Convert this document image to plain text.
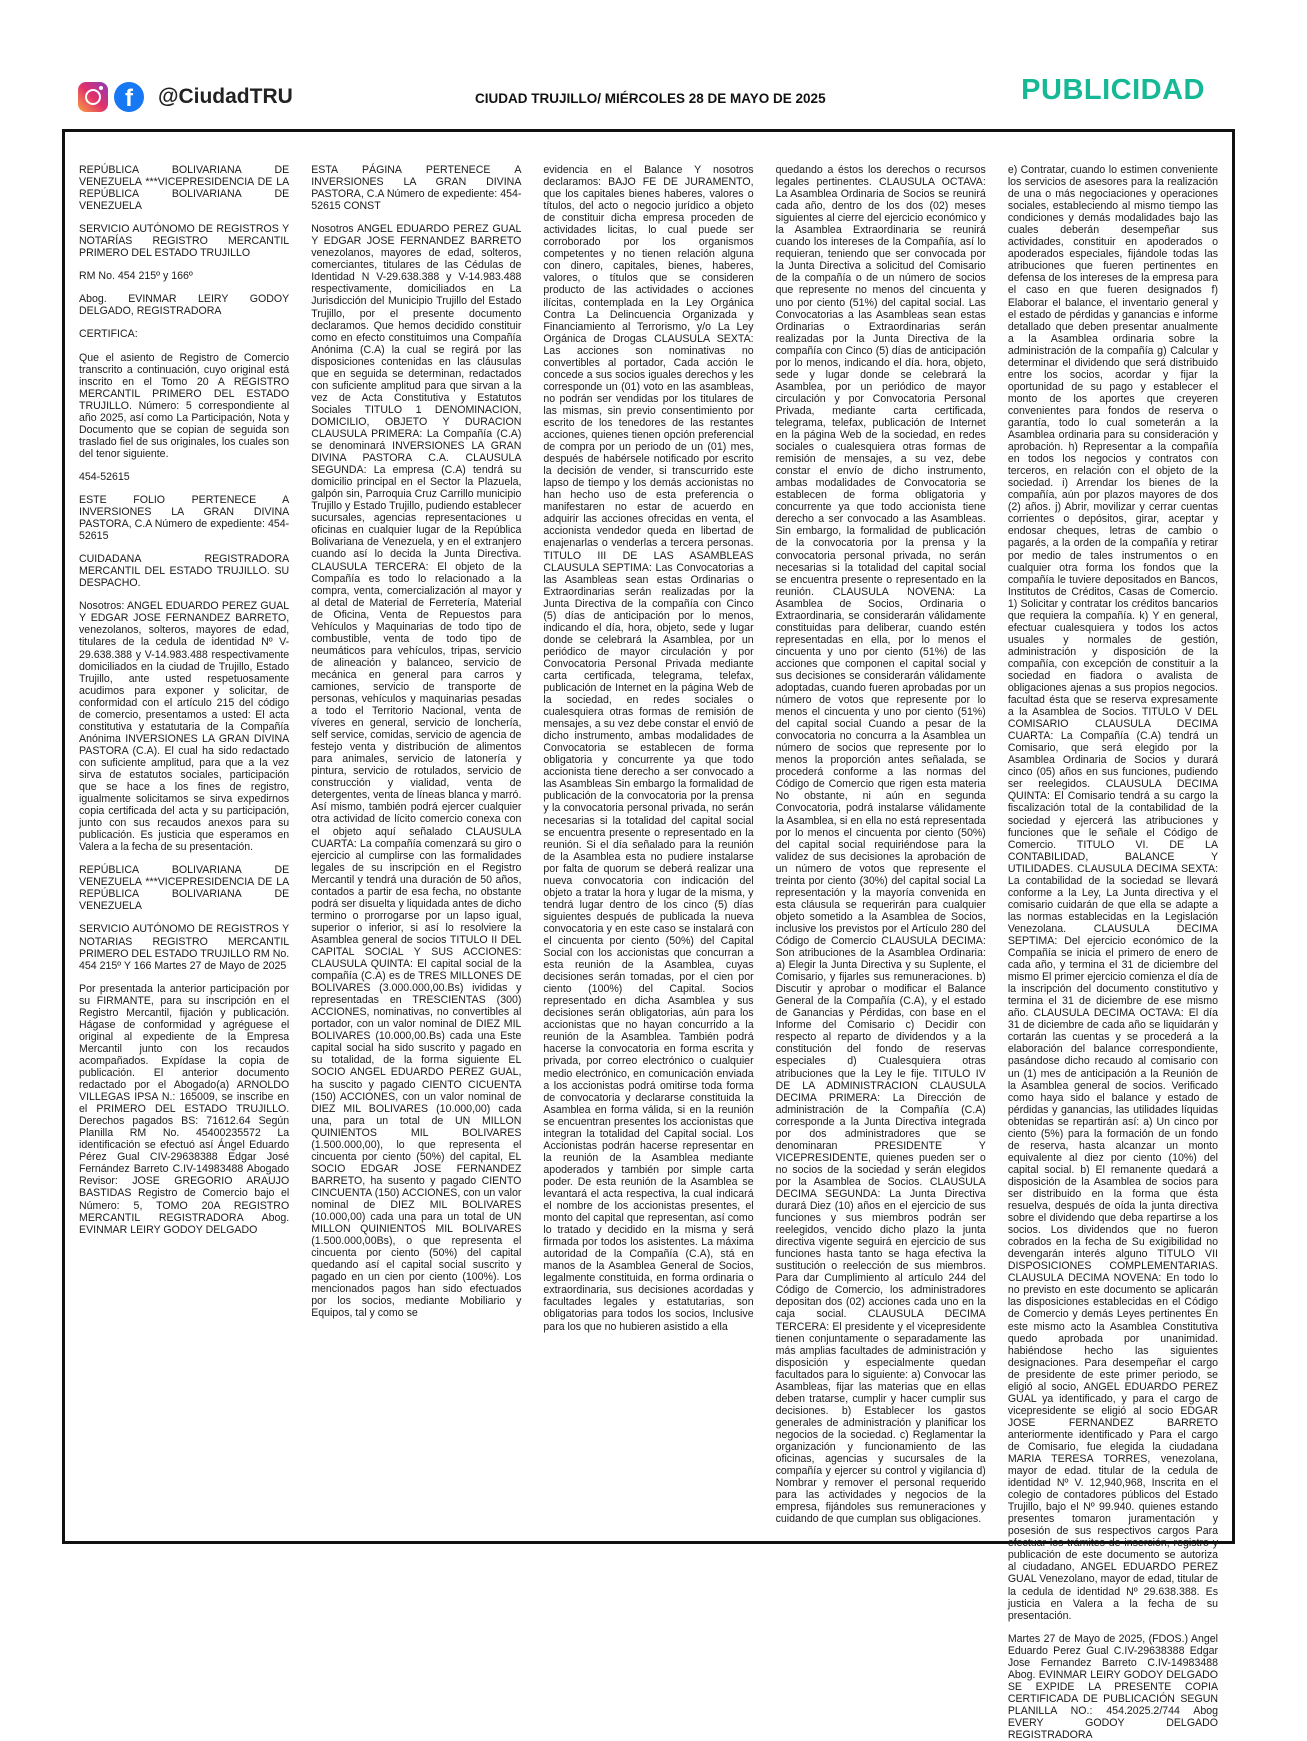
f	@CiudadTRU	CIUDAD TRUJILLO/ MIÉRCOLES 28 DE MAYO DE 2025	PUBLICIDAD

REPÚBLICA BOLIVARIANA DE VENEZUELA ***VICEPRESIDENCIA DE LA REPÚBLICA BOLIVARIANA DE VENEZUELA

SERVICIO AUTÓNOMO DE REGISTROS Y NOTARÍAS REGISTRO MERCANTIL PRIMERO DEL ESTADO TRUJILLO

RM No. 454 215º y 166º

Abog. EVINMAR LEIRY GODOY DELGADO, REGISTRADORA

CERTIFICA:

Que el asiento de Registro de Comercio transcrito a continuación, cuyo original está inscrito en el Tomo 20 A REGISTRO MERCANTIL PRIMERO DEL ESTADO TRUJILLO. Número: 5 correspondiente al año 2025, así como La Participación, Nota y Documento que se copian de seguida son traslado fiel de sus originales, los cuales son del tenor siguiente.

454-52615

ESTE FOLIO PERTENECE A INVERSIONES LA GRAN DIVINA PASTORA, C.A Número de expediente: 454-52615

CUIDADANA REGISTRADORA MERCANTIL DEL ESTADO TRUJILLO. SU DESPACHO.

Nosotros: ANGEL EDUARDO PEREZ GUAL Y EDGAR JOSE FERNANDEZ BARRETO, venezolanos, solteros, mayores de edad, titulares de la cedula de identidad Nº V-29.638.388 y V-14.983.488 respectivamente domiciliados en la ciudad de Trujillo, Estado Trujillo, ante usted respetuosamente acudimos para exponer y solicitar, de conformidad con el artículo 215 del código de comercio, presentamos a usted: El acta constitutiva y estatutaria de la Compañía Anónima INVERSIONES LA GRAN DIVINA PASTORA (C.A). El cual ha sido redactado con suficiente amplitud, para que a la vez sirva de estatutos sociales, participación que se hace a los fines de registro, igualmente solicitamos se sirva expedirnos copia certificada del acta y su participación, junto con sus recaudos anexos para su publicación. Es justicia que esperamos en Valera a la fecha de su presentación.

REPÚBLICA BOLIVARIANA DE VENEZUELA ***VICEPRESIDENCIA DE LA REPÚBLICA BOLIVARIANA DE VENEZUELA

SERVICIO AUTÓNOMO DE REGISTROS Y NOTARIAS REGISTRO MERCANTIL PRIMERO DEL ESTADO TRUJILLO RM No. 454 215º Y 166 Martes 27 de Mayo de 2025

Por presentada la anterior participación por su FIRMANTE, para su inscripción en el Registro Mercantil, fijación y publicación. Hágase de conformidad y agréguese el original al expediente de la Empresa Mercantil junto con los recaudos acompañados. Expídase la copia de publicación. El anterior documento redactado por el Abogado(a) ARNOLDO VILLEGAS IPSA N.: 165009, se inscribe en el PRIMERO DEL ESTADO TRUJILLO. Derechos pagados BS: 71612.64 Según Planilla RM No. 45400235572 La identificación se efectuó así Ángel Eduardo Pérez Gual CIV-29638388 Edgar José Fernández Barreto C.IV-14983488 Abogado Revisor: JOSE GREGORIO ARAUJO BASTIDAS Registro de Comercio bajo el Número: 5, TOMO 20A REGISTRO MERCANTIL REGISTRADORA Abog. EVINMAR LEIRY GODOY DELGADO

ESTA PÁGINA PERTENECE A INVERSIONES LA GRAN DIVINA PASTORA, C.A Número de expediente: 454-52615 CONST

Nosotros ANGEL EDUARDO PEREZ GUAL Y EDGAR JOSE FERNANDEZ BARRETO venezolanos, mayores de edad, solteros, comerciantes, titulares de las Cédulas de Identidad N V-29.638.388 y V-14.983.488 respectivamente, domiciliados en La Jurisdicción del Municipio Trujillo del Estado Trujillo, por el presente documento declaramos. Que hemos decidido constituir como en efecto constituimos una Compañía Anónima (C.A) la cual se regirá por las disposiciones contenidas en las cláusulas que en seguida se determinan, redactados con suficiente amplitud para que sirvan a la vez de Acta Constitutiva y Estatutos Sociales TITULO 1 DENOMINACION, DOMICILIO, OBJETO Y DURACION CLAUSULA PRIMERA: La Compañía (C.A) se denominará INVERSIONES LA GRAN DIVINA PASTORA C.A. CLAUSULA SEGUNDA: La empresa (C.A) tendrá su domicilio principal en el Sector la Plazuela, galpón sin, Parroquia Cruz Carrillo municipio Trujillo y Estado Trujillo, pudiendo establecer sucursales, agencias representaciones u oficinas en cualquier lugar de la República Bolivariana de Venezuela, y en el extranjero cuando así lo decida la Junta Directiva. CLAUSULA TERCERA: El objeto de la Compañía es todo lo relacionado a la compra, venta, comercialización al mayor y al detal de Material de Ferretería, Material de Oficina, Venta de Repuestos para Vehículos y Maquinarias de todo tipo de combustible, venta de todo tipo de neumáticos para vehículos, tripas, servicio de alineación y balanceo, servicio de mecánica en general para carros y camiones, servicio de transporte de personas, vehículos y maquinarias pesadas a todo el Territorio Nacional, venta de víveres en general, servicio de lonchería, self service, comidas, servicio de agencia de festejo venta y distribución de alimentos para animales, servicio de latonería y pintura, servicio de rotulados, servicio de construcción y vialidad, venta de detergentes, venta de líneas blanca y marró. Así mismo, también podrá ejercer cualquier otra actividad de lícito comercio conexa con el objeto aquí señalado CLAUSULA CUARTA: La compañía comenzará su giro o ejercicio al cumplirse con las formalidades legales de su inscripción en el Registro Mercantil y tendrá una duración de 50 años, contados a partir de esa fecha, no obstante podrá ser disuelta y liquidada antes de dicho termino o prorrogarse por un lapso igual, superior o inferior, si así lo resolviere la Asamblea general de socios TITULO II DEL CAPITAL SOCIAL Y SUS ACCIONES: CLAUSULA QUINTA: El capital social de la compañía (C.A) es de TRES MILLONES DE BOLIVARES (3.000.000,00.Bs) ivididas y representadas en TRESCIENTAS (300) ACCIONES, nominativas, no convertibles al portador, con un valor nominal de DIEZ MIL BOLIVARES (10.000,00.Bs) cada una Este capital social ha sido suscrito y pagado en su totalidad, de la forma siguiente EL SOCIO ANGEL EDUARDO PEREZ GUAL, ha suscito y pagado CIENTO CICUENTA (150) ACCIONES, con un valor nominal de DIEZ MIL BOLIVARES (10.000,00) cada una, para un total de UN MILLON QUINIENTOS MIL BOLIVARES (1.500.000,00), lo que representa el cincuenta por ciento (50%) del capital, EL SOCIO EDGAR JOSE FERNANDEZ BARRETO, ha susento y pagado CIENTO CINCUENTA (150) ACCIONES, con un valor nominal de DIEZ MIL BOLIVARES (10.000,00) cada una para un total de UN MILLON QUINIENTOS MIL BOLIVARES (1.500.000,00Bs), o que representa el cincuenta por ciento (50%) del capital quedando así el capital social suscrito y pagado en un cien por ciento (100%). Los mencionados pagos han sido efectuados por los socios, mediante Mobiliario y Equipos, tal y como se

evidencia en el Balance Y nosotros declaramos: BAJO FE DE JURAMENTO, que los capitales bienes haberes, valores o títulos, del acto o negocio jurídico a objeto de constituir dicha empresa proceden de actividades licitas, lo cual puede ser corroborado por los organismos competentes y no tienen relación alguna con dinero, capitales, bienes, haberes, valores, o títulos que se consideren producto de las actividades o acciones ilícitas, contemplada en la Ley Orgánica Contra La Delincuencia Organizada y Financiamiento al Terrorismo, y/o La Ley Orgánica de Drogas CLAUSULA SEXTA: Las acciones son nominativas no convertibles al portador, Cada acción le concede a sus socios iguales derechos y les corresponde un (01) voto en las asambleas, no podrán ser vendidas por los titulares de las mismas, sin previo consentimiento por escrito de los tenedores de las restantes acciones, quienes tienen opción preferencial de compra por un periodo de un (01) mes, después de habérsele notificado por escrito la decisión de vender, si transcurrido este lapso de tiempo y los demás accionistas no han hecho uso de esta preferencia o manifestaren no estar de acuerdo en adquirir las acciones ofrecidas en venta, el accionista vendedor queda en libertad de enajenarlas o venderlas a tercera personas. TITULO III DE LAS ASAMBLEAS CLAUSULA SEPTIMA: Las Convocatorias a las Asambleas sean estas Ordinarias o Extraordinarias serán realizadas por la Junta Directiva de la compañía con Cinco (5) días de anticipación por lo menos, indicando el día, hora, objeto, sede y lugar donde se celebrará la Asamblea, por un periódico de mayor circulación y por Convocatoria Personal Privada mediante carta certificada, telegrama, telefax, publicación de Internet en la página Web de la sociedad, en redes sociales o cualesquiera otras formas de remisión de mensajes, a su vez debe constar el envió de dicho instrumento, ambas modalidades de Convocatoria se establecen de forma obligatoria y concurrente ya que todo accionista tiene derecho a ser convocado a las Asambleas Sin embargo la formalidad de publicación de la convocatoria por la prensa y la convocatoria personal privada, no serán necesarias si la totalidad del capital social se encuentra presente o representado en la reunión. Si el día señalado para la reunión de la Asamblea esta no pudiere instalarse por falta de quorum se deberá realizar una nueva convocatoria con indicación del objeto a tratar la hora y lugar de la misma, y tendrá lugar dentro de los cinco (5) días siguientes después de publicada la nueva convocatoria y en este caso se instalará con el cincuenta por ciento (50%) del Capital Social con los accionistas que concurran a esta reunión de la Asamblea, cuyas decisiones serán tomadas, por el cien por ciento (100%) del Capital. Socios representado en dicha Asamblea y sus decisiones serán obligatorias, aún para los accionistas que no hayan concurrido a la reunión de la Asamblea. También podrá hacerse la convocatoria en forma escrita y privada, por correo electrónico o cualquier medio electrónico, en comunicación enviada a los accionistas podrá omitirse toda forma de convocatoria y declararse constituida la Asamblea en forma válida, si en la reunión se encuentran presentes los accionistas que integran la totalidad del Capital social. Los Accionistas podrán hacerse representar en la reunión de la Asamblea mediante apoderados y también por simple carta poder. De esta reunión de la Asamblea se levantará el acta respectiva, la cual indicará el nombre de los accionistas presentes, el monto del capital que representan, así como lo tratado y decidido en la misma y será firmada por todos los asistentes. La máxima autoridad de la Compañía (C.A), stá en manos de la Asamblea General de Socios, legalmente constituida, en forma ordinaria o extraordinaria, sus decisiones acordadas y facultades legales y estatutarias, son obligatorias para todos los socios, Inclusive para los que no hubieren asistido a ella

quedando a éstos los derechos o recursos legales pertinentes. CLAUSULA OCTAVA: La Asamblea Ordinaria de Socios se reunirá cada año, dentro de los dos (02) meses siguientes al cierre del ejercicio económico y la Asamblea Extraordinaria se reunirá cuando los intereses de la Compañía, así lo requieran, teniendo que ser convocada por la Junta Directiva a solicitud del Comisario de la compañía o de un número de socios que represente no menos del cincuenta y uno por ciento (51%) del capital social. Las Convocatorias a las Asambleas sean estas Ordinarias o Extraordinarias serán realizadas por la Junta Directiva de la compañía con Cinco (5) días de anticipación por lo menos, indicando el día. hora, objeto, sede y lugar donde se celebrará la Asamblea, por un periódico de mayor circulación y por Convocatoria Personal Privada, mediante carta certificada, telegrama, telefax, publicación de Internet en la página Web de la sociedad, en redes sociales o cualesquiera otras formas de remisión de mensajes, a su vez, debe constar el envío de dicho instrumento, ambas modalidades de Convocatoria se establecen de forma obligatoria y concurrente ya que todo accionista tiene derecho a ser convocado a las Asambleas. Sin embargo, la formalidad de publicación de la convocatoria por la prensa y la convocatoria personal privada, no serán necesarias si la totalidad del capital social se encuentra presente o representado en la reunión. CLAUSULA NOVENA: La Asamblea de Socios, Ordinaria o Extraordinaria, se considerarán válidamente constituidas para deliberar, cuando estén representadas en ella, por lo menos el cincuenta y uno por ciento (51%) de las acciones que componen el capital social y sus decisiones se considerarán válidamente adoptadas, cuando fueren aprobadas por un número de votos que represente por lo menos el cincuenta y uno por ciento (51%) del capital social Cuando a pesar de la convocatoria no concurra a la Asamblea un número de socios que represente por lo menos la proporción antes señalada, se procederá conforme a las normas del Código de Comercio que rigen esta materia No obstante, ni aún en segunda Convocatoria, podrá instalarse válidamente la Asamblea, si en ella no está representada por lo menos el cincuenta por ciento (50%) del capital social requiriéndose para la validez de sus decisiones la aprobación de un número de votos que represente el treinta por ciento (30%) del capital social La representación y la mayoría convenida en esta cláusula se requerirán para cualquier objeto sometido a la Asamblea de Socios, inclusive los previstos por el Artículo 280 del Código de Comercio CLAUSULA DECIMA: Son atribuciones de la Asamblea Ordinaria: a) Elegir la Junta Directiva y su Suplente, el Comisario, y fijarles sus remuneraciones. b) Discutir y aprobar o modificar el Balance General de la Compañía (C.A), y el estado de Ganancias y Pérdidas, con base en el Informe del Comisario c) Decidir con respecto al reparto de dividendos y a la constitución del fondo de reservas especiales d) Cualesquiera otras atribuciones que la Ley le fije. TITULO IV DE LA ADMINISTRACION CLAUSULA DECIMA PRIMERA: La Dirección de administración de la Compañía (C.A) corresponde a la Junta Directiva integrada por dos administradores que se denominaran PRESIDENTE Y VICEPRESIDENTE, quienes pueden ser o no socios de la sociedad y serán elegidos por la Asamblea de Socios. CLAUSULA DECIMA SEGUNDA: La Junta Directiva durará Diez (10) años en el ejercicio de sus funciones y sus miembros podrán ser reelegidos, vencido dicho plazo la junta directiva vigente seguirá en ejercicio de sus funciones hasta tanto se haga efectiva la sustitución o reelección de sus miembros. Para dar Cumplimiento al artículo 244 del Código de Comercio, los administradores depositan dos (02) acciones cada uno en la caja social. CLAUSULA DECIMA TERCERA: El presidente y el vicepresidente tienen conjuntamente o separadamente las más amplias facultades de administración y disposición y especialmente quedan facultados para lo siguiente: a) Convocar las Asambleas, fijar las materias que en ellas deben tratarse, cumplir y hacer cumplir sus decisiones. b) Establecer los gastos generales de administración y planificar los negocios de la sociedad. c) Reglamentar la organización y funcionamiento de las oficinas, agencias y sucursales de la compañía y ejercer su control y vigilancia d) Nombrar y remover el personal requerido para las actividades y negocios de la empresa, fijándoles sus remuneraciones y cuidando de que cumplan sus obligaciones.

e) Contratar, cuando lo estimen conveniente los servicios de asesores para la realización de una o más negociaciones y operaciones sociales, estableciendo al mismo tiempo las condiciones y demás modalidades bajo las cuales deberán desempeñar sus actividades, constituir en apoderados o apoderados especiales, fijándole todas las atribuciones que fueren pertinentes en defensa de los intereses de la empresa para el caso en que fueren designados f) Elaborar el balance, el inventario general y el estado de pérdidas y ganancias e informe detallado que deben presentar anualmente a la Asamblea ordinaria sobre la administración de la compañía g) Calcular y determinar el dividendo que será distribuido entre los socios, acordar y fijar la oportunidad de su pago y establecer el monto de los aportes que creyeren convenientes para fondos de reserva o garantía, todo lo cual someterán a la Asamblea ordinaria para su consideración y aprobación. h) Representar a la compañía en todos los negocios y contratos con terceros, en relación con el objeto de la sociedad. i) Arrendar los bienes de la compañía, aún por plazos mayores de dos (2) años. j) Abrir, movilizar y cerrar cuentas corrientes o depósitos, girar, aceptar y endosar cheques, letras de cambio o pagarés, a la orden de la compañía y retirar por medio de tales instrumentos o en cualquier otra forma los fondos que la compañía le tuviere depositados en Bancos, Institutos de Créditos, Casas de Comercio. 1) Solicitar y contratar los créditos bancarios que requiera la compañía. k) Y en general, efectuar cualesquiera y todos los actos usuales y normales de gestión, administración y disposición de la compañía, con excepción de constituir a la sociedad en fiadora o avalista de obligaciones ajenas a sus propios negocios. facultad ésta que se reserva expresamente a la Asamblea de Socios. TITULO V DEL COMISARIO CLAUSULA DECIMA CUARTA: La Compañía (C.A) tendrá un Comisario, que será elegido por la Asamblea Ordinaria de Socios y durará cinco (05) años en sus funciones, pudiendo ser reelegidos. CLAUSULA DECIMA QUINTA: El Comisario tendrá a su cargo la fiscalización total de la contabilidad de la sociedad y ejercerá las atribuciones y funciones que le señale el Código de Comercio. TITULO VI. DE LA CONTABILIDAD, BALANCE Y UTILIDADES. CLAUSULA DECIMA SEXTA: La contabilidad de la sociedad se llevará conforme a la Ley, La Junta directiva y el comisario cuidarán de que ella se adapte a las normas establecidas en la Legislación Venezolana. CLAUSULA DECIMA SEPTIMA: Del ejercicio económico de la Compañía se inicia el primero de enero de cada año, y termina el 31 de diciembre del mismo El primer ejercicio comienza el día de la inscripción del documento constitutivo y termina el 31 de diciembre de ese mismo año. CLAUSULA DECIMA OCTAVA: El día 31 de diciembre de cada año se liquidarán y cortarán las cuentas y se procederá a la elaboración del balance correspondiente, pasándose dicho recaudo al comisario con un (1) mes de anticipación a la Reunión de la Asamblea general de socios. Verificado como haya sido el balance y estado de pérdidas y ganancias, las utilidades líquidas obtenidas se repartirán así: a) Un cinco por ciento (5%) para la formación de un fondo de reserva, hasta alcanzar un monto equivalente al diez por ciento (10%) del capital social. b) El remanente quedará a disposición de la Asamblea de socios para ser distribuido en la forma que ésta resuelva, después de oída la junta directiva sobre el dividendo que deba repartirse a los socios. Los dividendos que no fueron cobrados en la fecha de Su exigibilidad no devengarán interés alguno TITULO VII DISPOSICIONES COMPLEMENTARIAS. CLAUSULA DECIMA NOVENA: En todo lo no previsto en este documento se aplicarán las disposiciones establecidas en el Código de Comercio y demás Leyes pertinentes En este mismo acto la Asamblea Constitutiva quedo aprobada por unanimidad. habiéndose hecho las siguientes designaciones. Para desempeñar el cargo de presidente de este primer periodo, se eligió al socio, ANGEL EDUARDO PEREZ GUAL ya identificado, y para el cargo de vicepresidente se eligió al socio EDGAR JOSE FERNANDEZ BARRETO anteriormente identificado y Para el cargo de Comisario, fue elegida la ciudadana MARIA TERESA TORRES, venezolana, mayor de edad. titular de la cedula de identidad Nº V. 12,940,968, Inscrita en el colegio de contadores públicos del Estado Trujillo, bajo el Nº 99.940. quienes estando presentes tomaron juramentación y posesión de sus respectivos cargos Para efectuar los trámites de inserción, registro y publicación de este documento se autoriza al ciudadano, ANGEL EDUARDO PEREZ GUAL Venezolano, mayor de edad, titular de la cedula de identidad Nº 29.638.388. Es justicia en Valera a la fecha de su presentación.

Martes 27 de Mayo de 2025, (FDOS.) Angel Eduardo Perez Gual C.IV-29638388 Edgar Jose Fernandez Barreto C.IV-14983488 Abog. EVINMAR LEIRY GODOY DELGADO SE EXPIDE LA PRESENTE COPIA CERTIFICADA DE PUBLICACIÓN SEGUN PLANILLA NO.: 454.2025.2/744 Abog EVERY GODOY DELGADO REGISTRADORA
